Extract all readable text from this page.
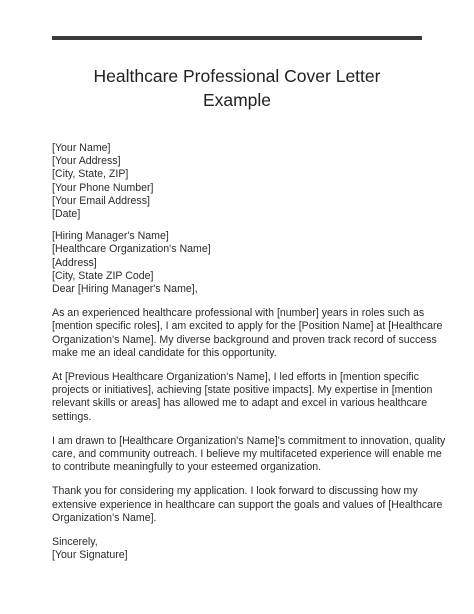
Healthcare Professional Cover Letter
Example
[Your Name]
[Your Address]
[City, State, ZIP]
[Your Phone Number]
[Your Email Address]
[Date]
[Hiring Manager's Name]
[Healthcare Organization's Name]
[Address]
[City, State ZIP Code]
Dear [Hiring Manager's Name],
As an experienced healthcare professional with [number] years in roles such as
[mention specific roles], I am excited to apply for the [Position Name] at [Healthcare
Organization's Name]. My diverse background and proven track record of success
make me an ideal candidate for this opportunity.
At [Previous Healthcare Organization's Name], I led efforts in [mention specific
projects or initiatives], achieving [state positive impacts]. My expertise in [mention
relevant skills or areas] has allowed me to adapt and excel in various healthcare
settings.
I am drawn to [Healthcare Organization's Name]'s commitment to innovation, quality
care, and community outreach. I believe my multifaceted experience will enable me
to contribute meaningfully to your esteemed organization.
Thank you for considering my application. I look forward to discussing how my
extensive experience in healthcare can support the goals and values of [Healthcare
Organization's Name].
Sincerely,
[Your Signature]
